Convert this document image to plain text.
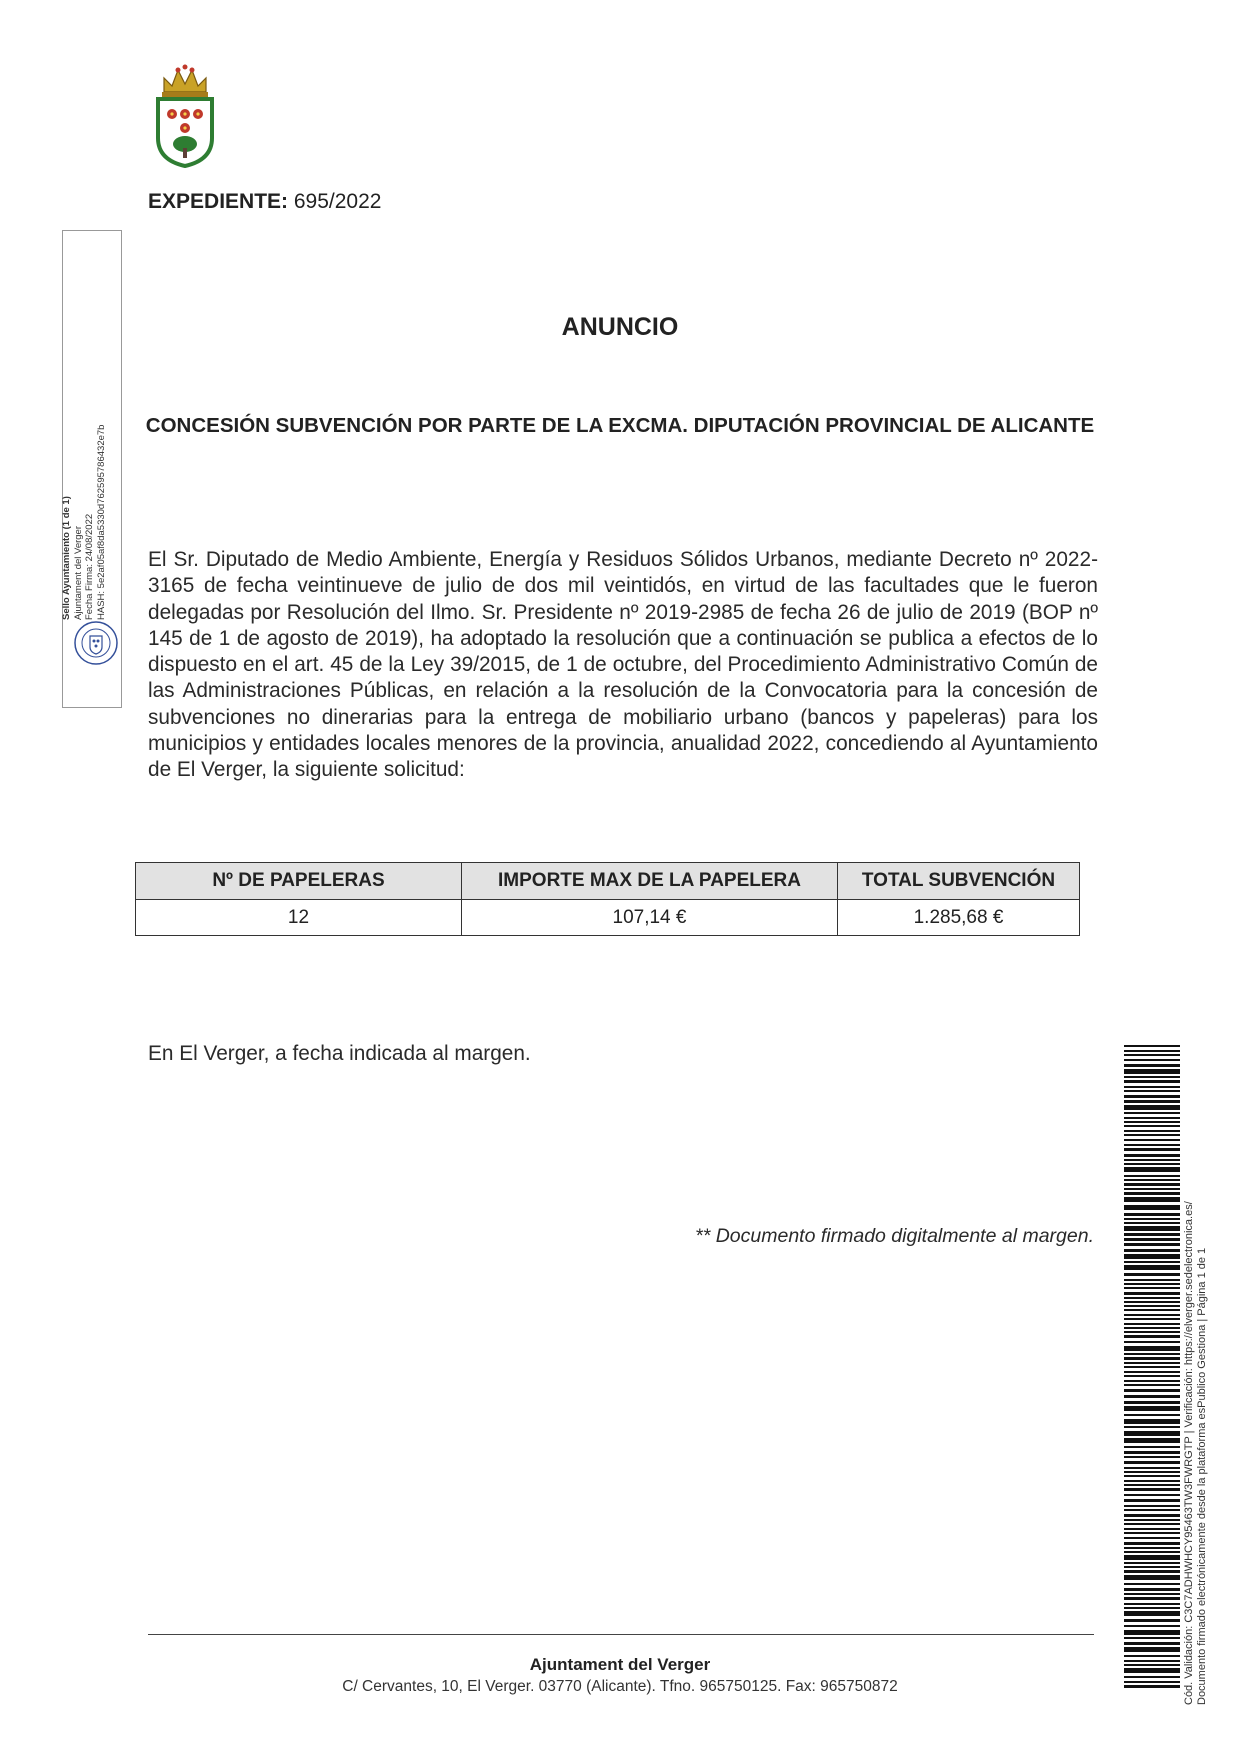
EXPEDIENTE: 695/2022
Sello Ayuntamiento (1 de 1) Ajuntament del Verger Fecha Firma: 24/08/2022 HASH: 5e2af05af8da5330d762595786432e7b
ANUNCIO
CONCESIÓN SUBVENCIÓN POR PARTE DE LA EXCMA. DIPUTACIÓN PROVINCIAL DE ALICANTE
El Sr. Diputado de Medio Ambiente, Energía y Residuos Sólidos Urbanos, mediante Decreto nº 2022-3165 de fecha veintinueve de julio de dos mil veintidós, en virtud de las facultades que le fueron delegadas por Resolución del Ilmo. Sr. Presidente nº 2019-2985 de fecha 26 de julio de 2019 (BOP nº 145 de 1 de agosto de 2019), ha adoptado la resolución que a continuación se publica a efectos de lo dispuesto en el art. 45 de la Ley 39/2015, de 1 de octubre, del Procedimiento Administrativo Común de las Administraciones Públicas, en relación a la resolución de la Convocatoria para la concesión de subvenciones no dinerarias para la entrega de mobiliario urbano (bancos y papeleras) para los municipios y entidades locales menores de la provincia, anualidad 2022, concediendo al Ayuntamiento de El Verger, la siguiente solicitud:
Nº DE PAPELERAS	IMPORTE MAX DE LA PAPELERA	TOTAL SUBVENCIÓN
12	107,14 €	1.285,68 €
En El Verger, a fecha indicada al margen.
** Documento firmado digitalmente al margen.	Cód. Validación: C3C7ADHWHCY95463TW3FWRGTP | Verificación: https://elverger.sedelectronica.es/ Documento firmado electrónicamente desde la plataforma esPublico Gestiona | Página 1 de 1
Ajuntament del Verger
C/ Cervantes, 10, El Verger. 03770 (Alicante). Tfno. 965750125. Fax: 965750872
